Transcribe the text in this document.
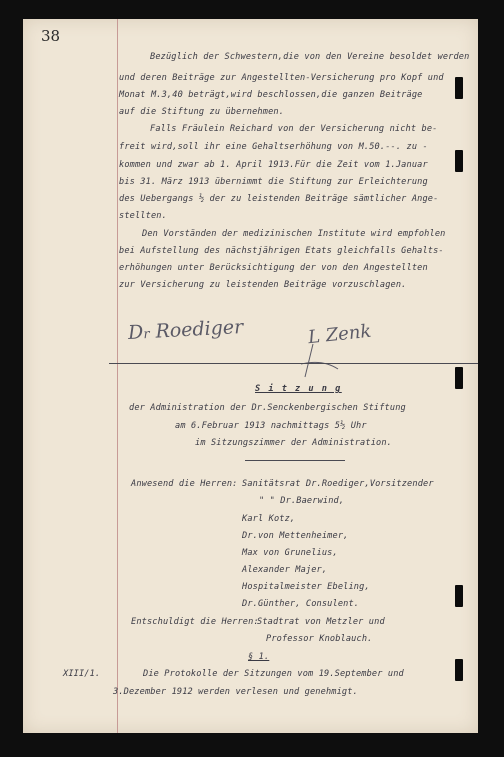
38
Bezüglich der Schwestern,die von den Vereine besoldet werden
und deren Beiträge zur Angestellten-Versicherung pro Kopf und
Monat M.3,40 beträgt,wird beschlossen,die ganzen Beiträge
auf die Stiftung zu übernehmen.
Falls Fräulein Reichard von der Versicherung nicht be-
freit wird,soll ihr eine Gehaltserhöhung von M.50.--. zu -
kommen und zwar ab 1. April 1913.Für die Zeit vom 1.Januar
bis 31. März 1913 übernimmt die Stiftung zur Erleichterung
des Uebergangs ½ der zu leistenden Beiträge sämtlicher Ange-
stellten.
Den Vorständen der medizinischen Institute wird empfohlen
bei Aufstellung des nächstjährigen Etats gleichfalls Gehalts-
erhöhungen unter Berücksichtigung der von den Angestellten
zur Versicherung zu leistenden Beiträge vorzuschlagen.
Dr Roediger	L Zenk
S i t z u n g
der Administration der Dr.Senckenbergischen Stiftung
am 6.Februar 1913 nachmittags 5½ Uhr
im Sitzungszimmer der Administration.
Anwesend die Herren: Sanitätsrat Dr.Roediger,Vorsitzender
" " Dr.Baerwind,
Karl Kotz,
Dr.von Mettenheimer,
Max von Grunelius,
Alexander Majer,
Hospitalmeister Ebeling,
Dr.Günther, Consulent.
Entschuldigt die Herren:
Stadtrat von Metzler und
Professor Knoblauch.
§ 1.
XIII/1.	Die Protokolle der Sitzungen vom 19.September und
3.Dezember 1912 werden verlesen und genehmigt.
